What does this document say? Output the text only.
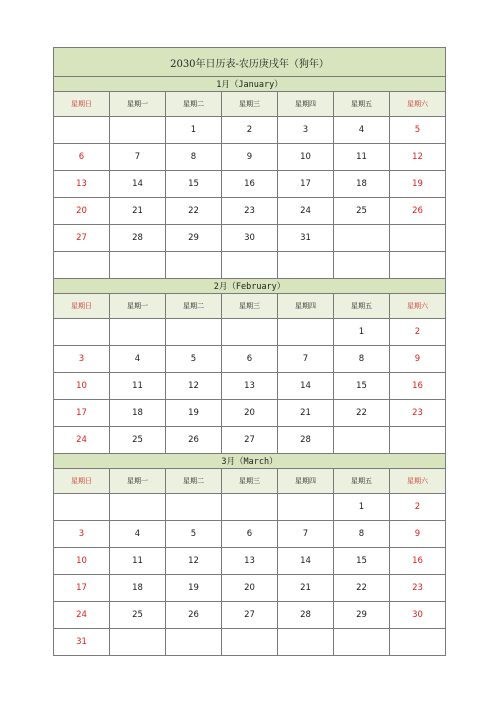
2030年日历表-农历庚戌年（狗年）						
1月（January）						
星期日	星期一	星期二	星期三	星期四	星期五	星期六
		1	2	3	4	5
6	7	8	9	10	11	12
13	14	15	16	17	18	19
20	21	22	23	24	25	26
27	28	29	30	31		

2月（February）						
星期日	星期一	星期二	星期三	星期四	星期五	星期六
					1	2
3	4	5	6	7	8	9
10	11	12	13	14	15	16
17	18	19	20	21	22	23
24	25	26	27	28		
3月（March）						
星期日	星期一	星期二	星期三	星期四	星期五	星期六
					1	2
3	4	5	6	7	8	9
10	11	12	13	14	15	16
17	18	19	20	21	22	23
24	25	26	27	28	29	30
31						
